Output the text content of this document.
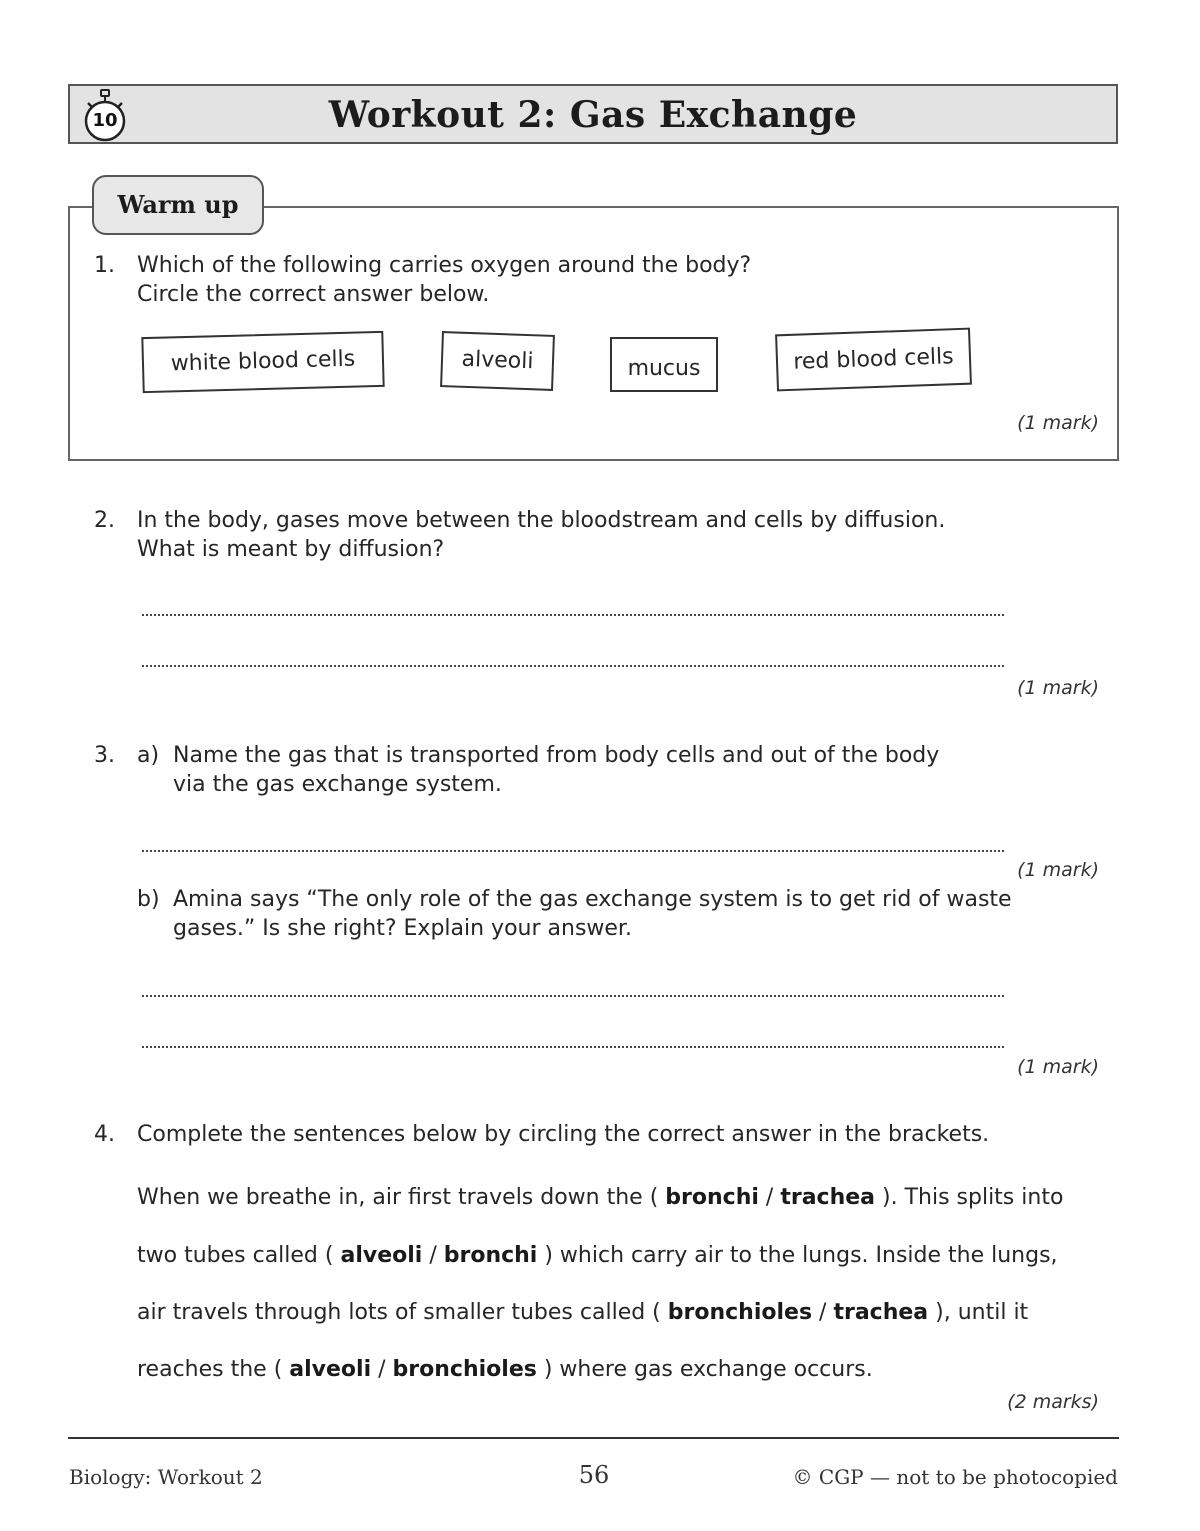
10	Workout 2: Gas Exchange
Warm up
1. Which of the following carries oxygen around the body?
Circle the correct answer below.
white blood cells	alveoli	mucus	red blood cells
(1 mark)
2. In the body, gases move between the bloodstream and cells by diffusion.
What is meant by diffusion?
(1 mark)
3. a) Name the gas that is transported from body cells and out of the body
via the gas exchange system.
(1 mark)
b) Amina says “The only role of the gas exchange system is to get rid of waste
gases.” Is she right? Explain your answer.
(1 mark)
4. Complete the sentences below by circling the correct answer in the brackets.
When we breathe in, air first travels down the ( bronchi / trachea ). This splits into
two tubes called ( alveoli / bronchi ) which carry air to the lungs. Inside the lungs,
air travels through lots of smaller tubes called ( bronchioles / trachea ), until it
reaches the ( alveoli / bronchioles ) where gas exchange occurs.
(2 marks)
Biology: Workout 2	56	© CGP — not to be photocopied
